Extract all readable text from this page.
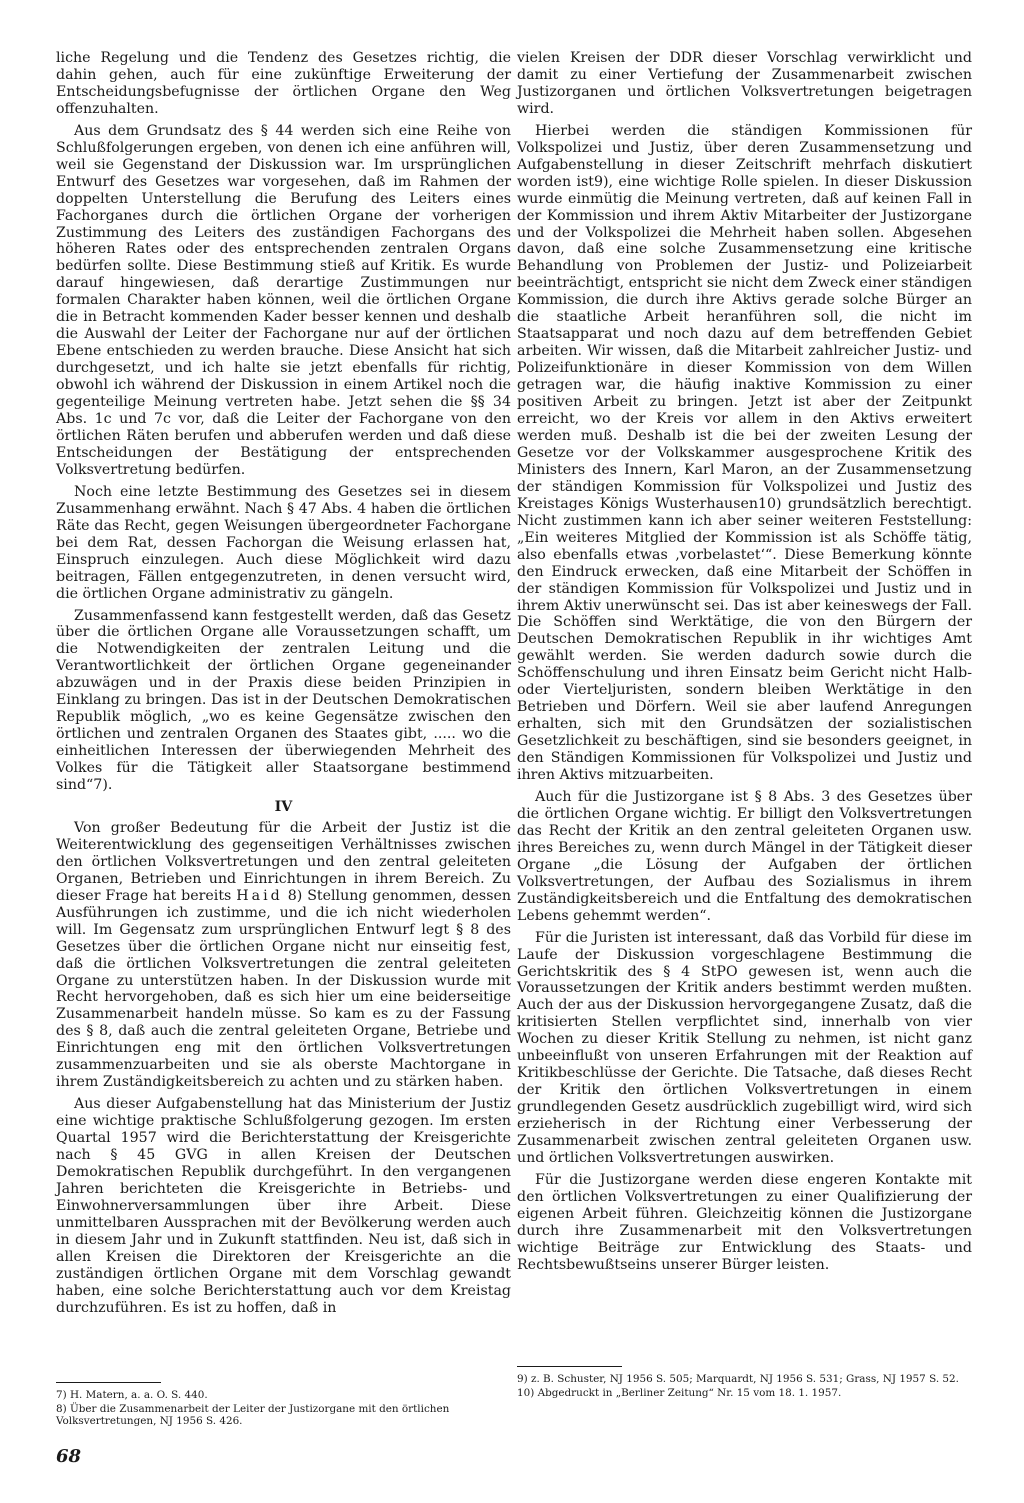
liche Regelung und die Tendenz des Gesetzes richtig, die dahin gehen, auch für eine zukünftige Erweiterung der Entscheidungsbefugnisse der örtlichen Organe den Weg offenzuhalten.

Aus dem Grundsatz des § 44 werden sich eine Reihe von Schlußfolgerungen ergeben, von denen ich eine anführen will, weil sie Gegenstand der Diskussion war. Im ursprünglichen Entwurf des Gesetzes war vorgesehen, daß im Rahmen der doppelten Unterstellung die Berufung des Leiters eines Fachorganes durch die örtlichen Organe der vorherigen Zustimmung des Leiters des zuständigen Fachorgans des höheren Rates oder des entsprechenden zentralen Organs bedürfen sollte. Diese Bestimmung stieß auf Kritik. Es wurde darauf hingewiesen, daß derartige Zustimmungen nur formalen Charakter haben können, weil die örtlichen Organe die in Betracht kommenden Kader besser kennen und deshalb die Auswahl der Leiter der Fachorgane nur auf der örtlichen Ebene entschieden zu werden brauche. Diese Ansicht hat sich durchgesetzt, und ich halte sie jetzt ebenfalls für richtig, obwohl ich während der Diskussion in einem Artikel noch die gegenteilige Meinung vertreten habe. Jetzt sehen die §§ 34 Abs. 1c und 7c vor, daß die Leiter der Fachorgane von den örtlichen Räten berufen und abberufen werden und daß diese Entscheidungen der Bestätigung der entsprechenden Volksvertretung bedürfen.

Noch eine letzte Bestimmung des Gesetzes sei in diesem Zusammenhang erwähnt. Nach § 47 Abs. 4 haben die örtlichen Räte das Recht, gegen Weisungen übergeordneter Fachorgane bei dem Rat, dessen Fachorgan die Weisung erlassen hat, Einspruch einzulegen. Auch diese Möglichkeit wird dazu beitragen, Fällen entgegenzutreten, in denen versucht wird, die örtlichen Organe administrativ zu gängeln.

Zusammenfassend kann festgestellt werden, daß das Gesetz über die örtlichen Organe alle Voraussetzungen schafft, um die Notwendigkeiten der zentralen Leitung und die Verantwortlichkeit der örtlichen Organe gegeneinander abzuwägen und in der Praxis diese beiden Prinzipien in Einklang zu bringen. Das ist in der Deutschen Demokratischen Republik möglich, „wo es keine Gegensätze zwischen den örtlichen und zentralen Organen des Staates gibt, ..... wo die einheitlichen Interessen der überwiegenden Mehrheit des Volkes für die Tätigkeit aller Staatsorgane bestimmend sind“7).

IV

Von großer Bedeutung für die Arbeit der Justiz ist die Weiterentwicklung des gegenseitigen Verhältnisses zwischen den örtlichen Volksvertretungen und den zentral geleiteten Organen, Betrieben und Einrichtungen in ihrem Bereich. Zu dieser Frage hat bereits Haid 8) Stellung genommen, dessen Ausführungen ich zustimme, und die ich nicht wiederholen will. Im Gegensatz zum ursprünglichen Entwurf legt § 8 des Gesetzes über die örtlichen Organe nicht nur einseitig fest, daß die örtlichen Volksvertretungen die zentral geleiteten Organe zu unterstützen haben. In der Diskussion wurde mit Recht hervorgehoben, daß es sich hier um eine beiderseitige Zusammenarbeit handeln müsse. So kam es zu der Fassung des § 8, daß auch die zentral geleiteten Organe, Betriebe und Einrichtungen eng mit den örtlichen Volksvertretungen zusammenzuarbeiten und sie als oberste Machtorgane in ihrem Zuständigkeitsbereich zu achten und zu stärken haben.

Aus dieser Aufgabenstellung hat das Ministerium der Justiz eine wichtige praktische Schlußfolgerung gezogen. Im ersten Quartal 1957 wird die Berichterstattung der Kreisgerichte nach § 45 GVG in allen Kreisen der Deutschen Demokratischen Republik durchgeführt. In den vergangenen Jahren berichteten die Kreisgerichte in Betriebs- und Einwohnerversammlungen über ihre Arbeit. Diese unmittelbaren Aussprachen mit der Bevölkerung werden auch in diesem Jahr und in Zukunft stattfinden. Neu ist, daß sich in allen Kreisen die Direktoren der Kreisgerichte an die zuständigen örtlichen Organe mit dem Vorschlag gewandt haben, eine solche Berichterstattung auch vor dem Kreistag durchzuführen. Es ist zu hoffen, daß in

vielen Kreisen der DDR dieser Vorschlag verwirklicht und damit zu einer Vertiefung der Zusammenarbeit zwischen Justizorganen und örtlichen Volksvertretungen beigetragen wird.

Hierbei werden die ständigen Kommissionen für Volkspolizei und Justiz, über deren Zusammensetzung und Aufgabenstellung in dieser Zeitschrift mehrfach diskutiert worden ist9), eine wichtige Rolle spielen. In dieser Diskussion wurde einmütig die Meinung vertreten, daß auf keinen Fall in der Kommission und ihrem Aktiv Mitarbeiter der Justizorgane und der Volkspolizei die Mehrheit haben sollen. Abgesehen davon, daß eine solche Zusammensetzung eine kritische Behandlung von Problemen der Justiz- und Polizeiarbeit beeinträchtigt, entspricht sie nicht dem Zweck einer ständigen Kommission, die durch ihre Aktivs gerade solche Bürger an die staatliche Arbeit heranführen soll, die nicht im Staatsapparat und noch dazu auf dem betreffenden Gebiet arbeiten. Wir wissen, daß die Mitarbeit zahlreicher Justiz- und Polizeifunktionäre in dieser Kommission von dem Willen getragen war, die häufig inaktive Kommission zu einer positiven Arbeit zu bringen. Jetzt ist aber der Zeitpunkt erreicht, wo der Kreis vor allem in den Aktivs erweitert werden muß. Deshalb ist die bei der zweiten Lesung der Gesetze vor der Volkskammer ausgesprochene Kritik des Ministers des Innern, Karl Maron, an der Zusammensetzung der ständigen Kommission für Volkspolizei und Justiz des Kreistages Königs Wusterhausen10) grundsätzlich berechtigt. Nicht zustimmen kann ich aber seiner weiteren Feststellung: „Ein weiteres Mitglied der Kommission ist als Schöffe tätig, also ebenfalls etwas ‚vorbelastet‘“. Diese Bemerkung könnte den Eindruck erwecken, daß eine Mitarbeit der Schöffen in der ständigen Kommission für Volkspolizei und Justiz und in ihrem Aktiv unerwünscht sei. Das ist aber keineswegs der Fall. Die Schöffen sind Werktätige, die von den Bürgern der Deutschen Demokratischen Republik in ihr wichtiges Amt gewählt werden. Sie werden dadurch sowie durch die Schöffenschulung und ihren Einsatz beim Gericht nicht Halb- oder Vierteljuristen, sondern bleiben Werktätige in den Betrieben und Dörfern. Weil sie aber laufend Anregungen erhalten, sich mit den Grundsätzen der sozialistischen Gesetzlichkeit zu beschäftigen, sind sie besonders geeignet, in den Ständigen Kommissionen für Volkspolizei und Justiz und ihren Aktivs mitzuarbeiten.

Auch für die Justizorgane ist § 8 Abs. 3 des Gesetzes über die örtlichen Organe wichtig. Er billigt den Volksvertretungen das Recht der Kritik an den zentral geleiteten Organen usw. ihres Bereiches zu, wenn durch Mängel in der Tätigkeit dieser Organe „die Lösung der Aufgaben der örtlichen Volksvertretungen, der Aufbau des Sozialismus in ihrem Zuständigkeitsbereich und die Entfaltung des demokratischen Lebens gehemmt werden“.

Für die Juristen ist interessant, daß das Vorbild für diese im Laufe der Diskussion vorgeschlagene Bestimmung die Gerichtskritik des § 4 StPO gewesen ist, wenn auch die Voraussetzungen der Kritik anders bestimmt werden mußten. Auch der aus der Diskussion hervorgegangene Zusatz, daß die kritisierten Stellen verpflichtet sind, innerhalb von vier Wochen zu dieser Kritik Stellung zu nehmen, ist nicht ganz unbeeinflußt von unseren Erfahrungen mit der Reaktion auf Kritikbeschlüsse der Gerichte. Die Tatsache, daß dieses Recht der Kritik den örtlichen Volksvertretungen in einem grundlegenden Gesetz ausdrücklich zugebilligt wird, wird sich erzieherisch in der Richtung einer Verbesserung der Zusammenarbeit zwischen zentral geleiteten Organen usw. und örtlichen Volksvertretungen auswirken.

Für die Justizorgane werden diese engeren Kontakte mit den örtlichen Volksvertretungen zu einer Qualifizierung der eigenen Arbeit führen. Gleichzeitig können die Justizorgane durch ihre Zusammenarbeit mit den Volksvertretungen wichtige Beiträge zur Entwicklung des Staats- und Rechtsbewußtseins unserer Bürger leisten.

7) H. Matern, a. a. O. S. 440.

8) Über die Zusammenarbeit der Leiter der Justizorgane mit den örtlichen Volksvertretungen, NJ 1956 S. 426.

9) z. B. Schuster, NJ 1956 S. 505; Marquardt, NJ 1956 S. 531; Grass, NJ 1957 S. 52.

10) Abgedruckt in „Berliner Zeitung“ Nr. 15 vom 18. 1. 1957.

68
